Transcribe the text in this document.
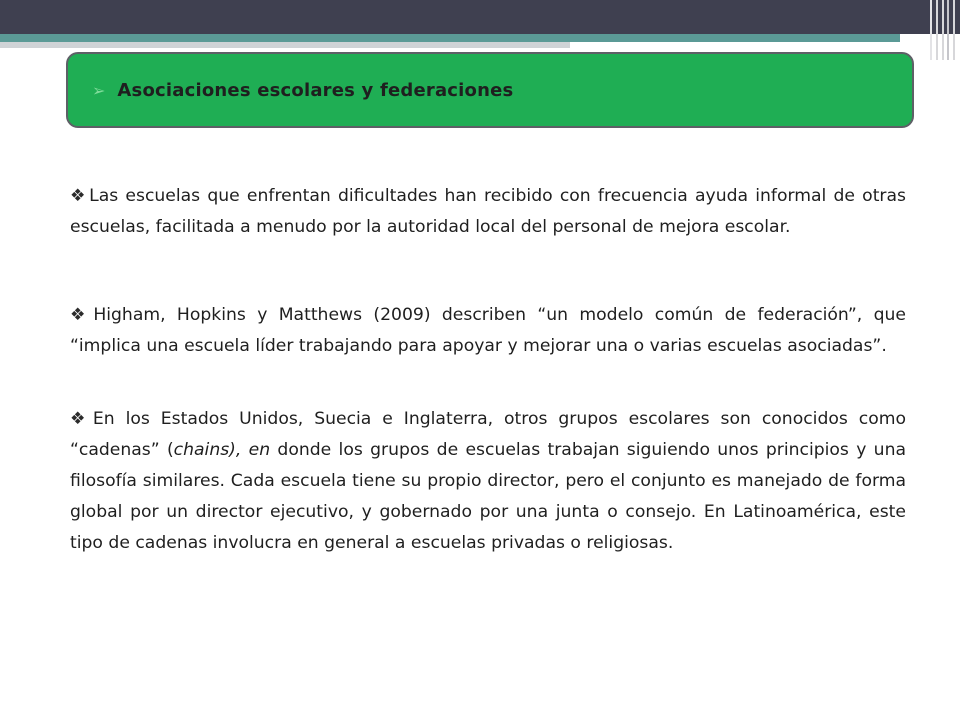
➢ Asociaciones escolares y federaciones
❖ Las escuelas que enfrentan dificultades han recibido con frecuencia ayuda informal de otras escuelas, facilitada a menudo por la autoridad local del personal de mejora escolar.
❖ Higham, Hopkins y Matthews (2009) describen “un modelo común de federación”, que “implica una escuela líder trabajando para apoyar y mejorar una o varias escuelas asociadas”.
❖ En los Estados Unidos, Suecia e Inglaterra, otros grupos escolares son conocidos como “cadenas” (chains), en donde los grupos de escuelas trabajan siguiendo unos principios y una filosofía similares. Cada escuela tiene su propio director, pero el conjunto es manejado de forma global por un director ejecutivo, y gobernado por una junta o consejo. En Latinoamérica, este tipo de cadenas involucra en general a escuelas privadas o religiosas.
